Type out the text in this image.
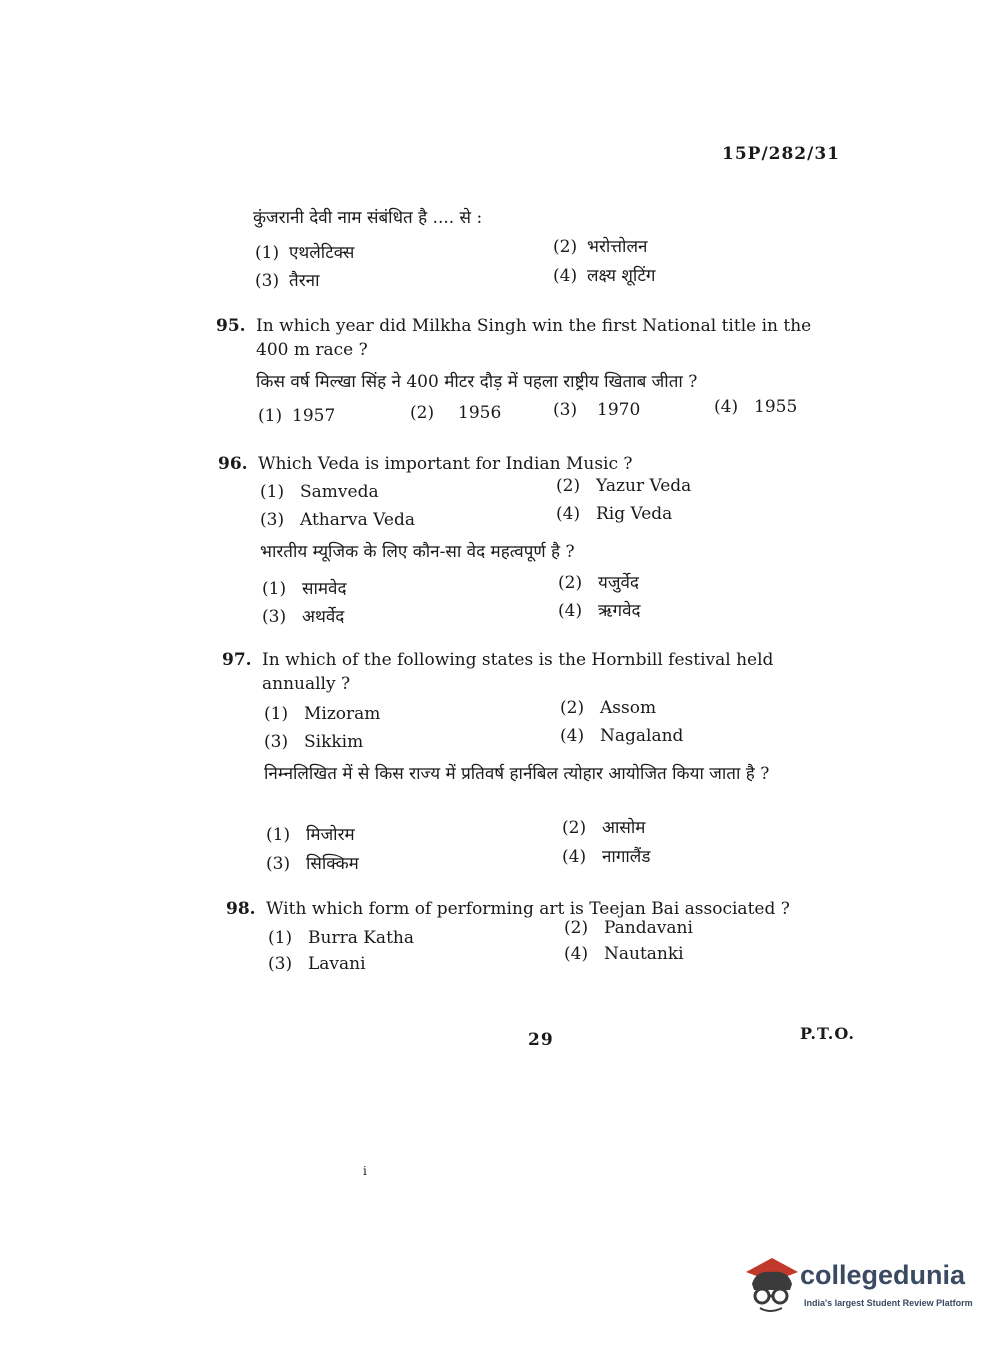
15P/282/31
कुंजरानी देवी नाम संबंधित है .... से :
(1) एथलेटिक्स	(2) भरोत्तोलन
(3) तैरना	(4) लक्ष्य शूटिंग
95. In which year did Milkha Singh win the first National title in the 400 m race ?
किस वर्ष मिल्खा सिंह ने 400 मीटर दौड़ में पहला राष्ट्रीय खिताब जीता ?
(1) 1957	(2) 1956	(3) 1970	(4) 1955
96. Which Veda is important for Indian Music ?
(1) Samveda	(2) Yazur Veda
(3) Atharva Veda	(4) Rig Veda
भारतीय म्यूजिक के लिए कौन-सा वेद महत्वपूर्ण है ?
(1) सामवेद	(2) यजुर्वेद
(3) अथर्वेद	(4) ऋगवेद
97. In which of the following states is the Hornbill festival held annually ?
(1) Mizoram	(2) Assom
(3) Sikkim	(4) Nagaland
निम्नलिखित में से किस राज्य में प्रतिवर्ष हार्नबिल त्योहार आयोजित किया जाता है ?
(1) मिजोरम	(2) आसोम
(3) सिक्किम	(4) नागालैंड
98. With which form of performing art is Teejan Bai associated ?
(1) Burra Katha	(2) Pandavani
(3) Lavani	(4) Nautanki
29	P.T.O.
i
collegedunia
India's largest Student Review Platform
